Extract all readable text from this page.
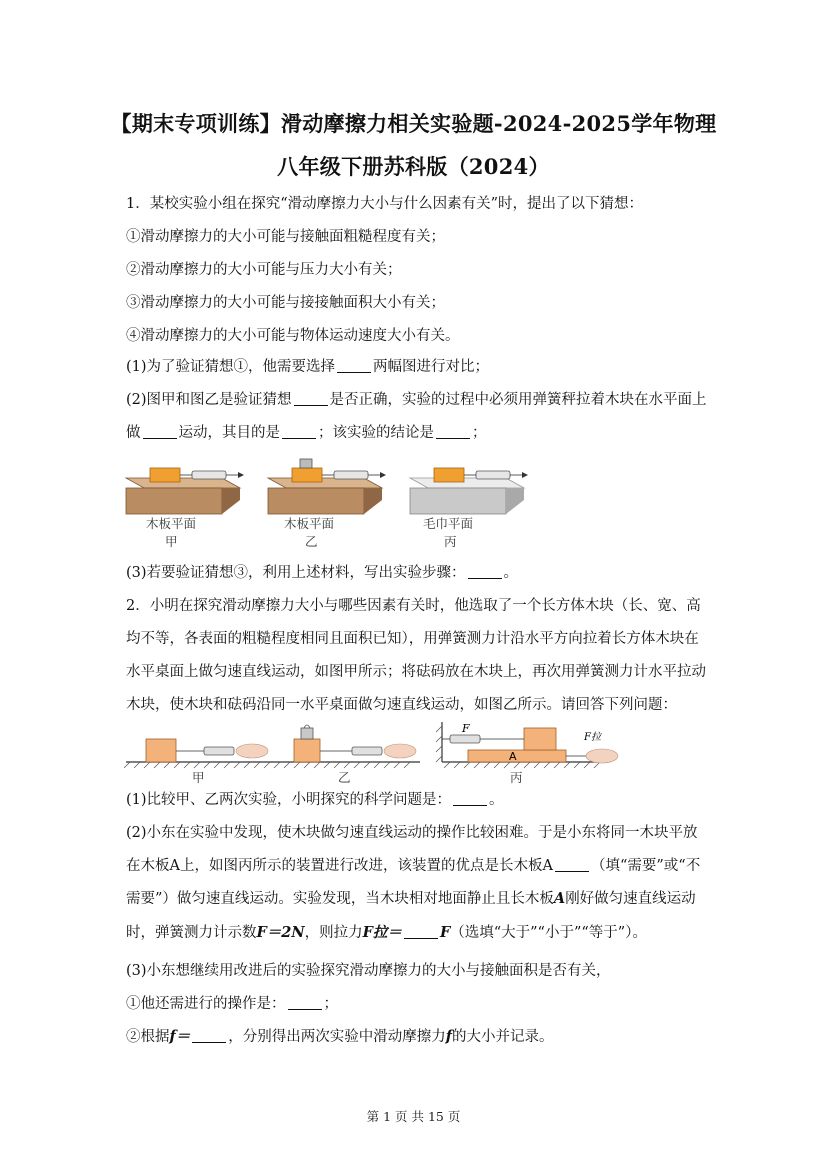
【期末专项训练】滑动摩擦力相关实验题-2024-2025学年物理
八年级下册苏科版（2024）
1．某校实验小组在探究“滑动摩擦力大小与什么因素有关”时，提出了以下猜想：
①滑动摩擦力的大小可能与接触面粗糙程度有关；
②滑动摩擦力的大小可能与压力大小有关；
③滑动摩擦力的大小可能与接接触面积大小有关；
④滑动摩擦力的大小可能与物体运动速度大小有关。
(1)为了验证猜想①，他需要选择	两幅图进行对比；
(2)图甲和图乙是验证猜想	是否正确，实验的过程中必须用弹簧秤拉着木块在水平面上
做	运动，其目的是	；该实验的结论是	；
木板平面
甲
木板平面
乙
毛巾平面
丙
(3)若要验证猜想③，利用上述材料，写出实验步骤：	。
2．小明在探究滑动摩擦力大小与哪些因素有关时，他选取了一个长方体木块（长、宽、高
均不等，各表面的粗糙程度相同且面积已知），用弹簧测力计沿水平方向拉着长方体木块在
水平桌面上做匀速直线运动，如图甲所示；将砝码放在木块上，再次用弹簧测力计水平拉动
木块，使木块和砝码沿同一水平桌面做匀速直线运动，如图乙所示。请回答下列问题：
甲	乙
F
F拉
A
丙
(1)比较甲、乙两次实验，小明探究的科学问题是：	。
(2)小东在实验中发现，使木块做匀速直线运动的操作比较困难。于是小东将同一木块平放
在木板A上，如图丙所示的装置进行改进，该装置的优点是长木板A	（填“需要”或“不
需要”）做匀速直线运动。实验发现，当木块相对地面静止且长木板A刚好做匀速直线运动
时，弹簧测力计示数F＝2N，则拉力F拉＝	F（选填“大于”“小于”“等于”）。
(3)小东想继续用改进后的实验探究滑动摩擦力的大小与接触面积是否有关，
①他还需进行的操作是：	；
②根据f＝	，分别得出两次实验中滑动摩擦力f的大小并记录。
第 1 页 共 15 页
